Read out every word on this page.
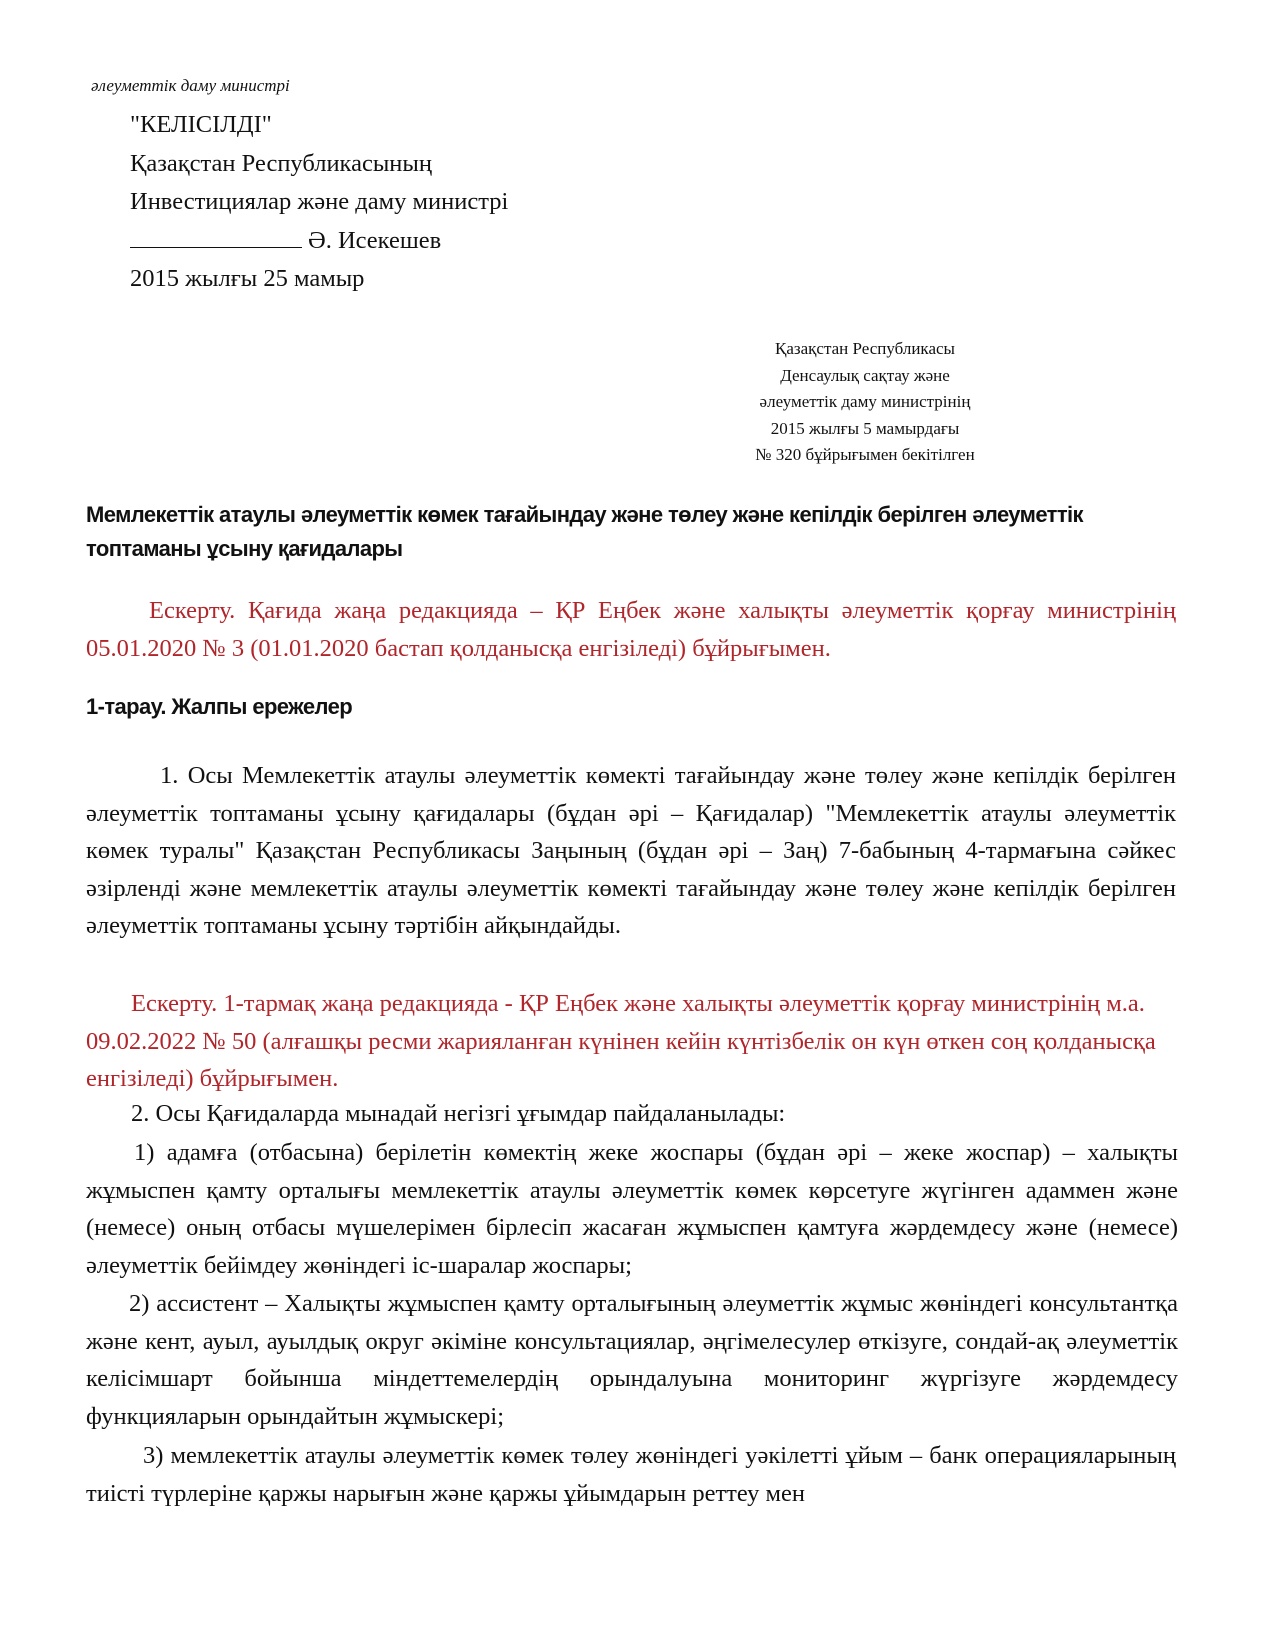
әлеуметтік даму министрі
"КЕЛІСІЛДІ"
Қазақстан Республикасының
Инвестициялар және даму министрі
Ә. Исекешев
2015 жылғы 25 мамыр
Қазақстан Республикасы
Денсаулық сақтау және
әлеуметтік даму министрінің
2015 жылғы 5 мамырдағы
№ 320 бұйрығымен бекітілген
Мемлекеттік атаулы әлеуметтік көмек тағайындау және төлеу және кепілдік берілген әлеуметтік топтаманы ұсыну қағидалары
Ескерту. Қағида жаңа редакцияда – ҚР Еңбек және халықты әлеуметтік қорғау министрінің 05.01.2020 № 3 (01.01.2020 бастап қолданысқа енгізіледі) бұйрығымен.
1-тарау. Жалпы ережелер
1. Осы Мемлекеттік атаулы әлеуметтік көмекті тағайындау және төлеу және кепілдік берілген әлеуметтік топтаманы ұсыну қағидалары (бұдан әрі – Қағидалар) "Мемлекеттік атаулы әлеуметтік көмек туралы" Қазақстан Республикасы Заңының (бұдан әрі – Заң) 7-бабының 4-тармағына сәйкес әзірленді және мемлекеттік атаулы әлеуметтік көмекті тағайындау және төлеу және кепілдік берілген әлеуметтік топтаманы ұсыну тәртібін айқындайды.
Ескерту. 1-тармақ жаңа редакцияда - ҚР Еңбек және халықты әлеуметтік қорғау министрінің м.а. 09.02.2022 № 50 (алғашқы ресми жарияланған күнінен кейін күнтізбелік он күн өткен соң қолданысқа енгізіледі) бұйрығымен.
2. Осы Қағидаларда мынадай негізгі ұғымдар пайдаланылады:
1) адамға (отбасына) берілетін көмектің жеке жоспары (бұдан әрі – жеке жоспар) – халықты жұмыспен қамту орталығы мемлекеттік атаулы әлеуметтік көмек көрсетуге жүгінген адаммен және (немесе) оның отбасы мүшелерімен бірлесіп жасаған жұмыспен қамтуға жәрдемдесу және (немесе) әлеуметтік бейімдеу жөніндегі іс-шаралар жоспары;
2) ассистент – Халықты жұмыспен қамту орталығының әлеуметтік жұмыс жөніндегі консультантқа және кент, ауыл, ауылдық округ әкіміне консультациялар, әңгімелесулер өткізуге, сондай-ақ әлеуметтік келісімшарт бойынша міндеттемелердің орындалуына мониторинг жүргізуге жәрдемдесу функцияларын орындайтын жұмыскері;
3) мемлекеттік атаулы әлеуметтік көмек төлеу жөніндегі уәкілетті ұйым – банк операцияларының тиісті түрлеріне қаржы нарығын және қаржы ұйымдарын реттеу мен
